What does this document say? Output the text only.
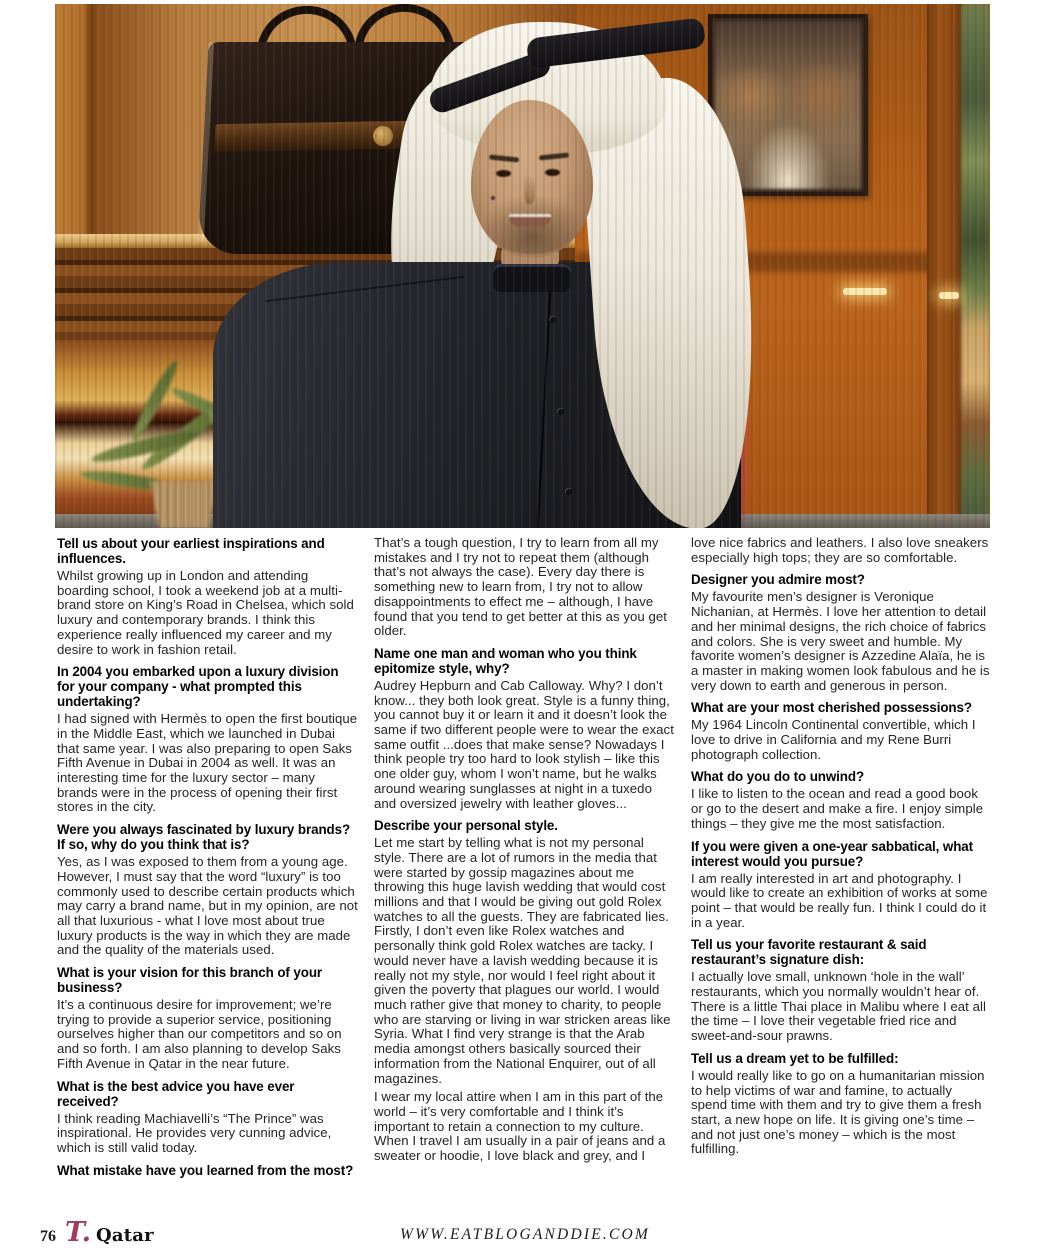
Tell us about your earliest inspirations and influences.

Whilst growing up in London and attending boarding school, I took a weekend job at a multi-brand store on King’s Road in Chelsea, which sold luxury and contemporary brands. I think this experience really influenced my career and my desire to work in fashion retail.

In 2004 you embarked upon a luxury division for your company - what prompted this undertaking?

I had signed with Hermès to open the first boutique in the Middle East, which we launched in Dubai that same year. I was also preparing to open Saks Fifth Avenue in Dubai in 2004 as well. It was an interesting time for the luxury sector – many brands were in the process of opening their first stores in the city.

Were you always fascinated by luxury brands? If so, why do you think that is?

Yes, as I was exposed to them from a young age. However, I must say that the word “luxury” is too commonly used to describe certain products which may carry a brand name, but in my opinion, are not all that luxurious - what I love most about true luxury products is the way in which they are made and the quality of the materials used.

What is your vision for this branch of your business?

It’s a continuous desire for improvement; we’re trying to provide a superior service, positioning ourselves higher than our competitors and so on and so forth. I am also planning to develop Saks Fifth Avenue in Qatar in the near future.

What is the best advice you have ever received?

I think reading Machiavelli’s “The Prince” was inspirational. He provides very cunning advice, which is still valid today.

What mistake have you learned from the most?

That’s a tough question, I try to learn from all my mistakes and I try not to repeat them (although that’s not always the case). Every day there is something new to learn from, I try not to allow disappointments to effect me – although, I have found that you tend to get better at this as you get older.

Name one man and woman who you think epitomize style, why?

Audrey Hepburn and Cab Calloway. Why? I don’t know... they both look great. Style is a funny thing, you cannot buy it or learn it and it doesn’t look the same if two different people were to wear the exact same outfit ...does that make sense? Nowadays I think people try too hard to look stylish – like this one older guy, whom I won’t name, but he walks around wearing sunglasses at night in a tuxedo and oversized jewelry with leather gloves...

Describe your personal style.

Let me start by telling what is not my personal style. There are a lot of rumors in the media that were started by gossip magazines about me throwing this huge lavish wedding that would cost millions and that I would be giving out gold Rolex watches to all the guests. They are fabricated lies. Firstly, I don’t even like Rolex watches and personally think gold Rolex watches are tacky. I would never have a lavish wedding because it is really not my style, nor would I feel right about it given the poverty that plagues our world. I would much rather give that money to charity, to people who are starving or living in war stricken areas like Syria. What I find very strange is that the Arab media amongst others basically sourced their information from the National Enquirer, out of all magazines.

I wear my local attire when I am in this part of the world – it’s very comfortable and I think it’s important to retain a connection to my culture. When I travel I am usually in a pair of jeans and a sweater or hoodie, I love black and grey, and I

love nice fabrics and leathers. I also love sneakers especially high tops; they are so comfortable.

Designer you admire most?

My favourite men’s designer is Veronique Nichanian, at Hermès. I love her attention to detail and her minimal designs, the rich choice of fabrics and colors. She is very sweet and humble. My favorite women’s designer is Azzedine Alaïa, he is a master in making women look fabulous and he is very down to earth and generous in person.

What are your most cherished possessions?

My 1964 Lincoln Continental convertible, which I love to drive in California and my Rene Burri photograph collection.

What do you do to unwind?

I like to listen to the ocean and read a good book or go to the desert and make a fire. I enjoy simple things – they give me the most satisfaction.

If you were given a one-year sabbatical, what interest would you pursue?

I am really interested in art and photography. I would like to create an exhibition of works at some point – that would be really fun. I think I could do it in a year.

Tell us your favorite restaurant & said restaurant’s signature dish:

I actually love small, unknown ‘hole in the wall’ restaurants, which you normally wouldn’t hear of. There is a little Thai place in Malibu where I eat all the time – I love their vegetable fried rice and sweet-and-sour prawns.

Tell us a dream yet to be fulfilled:

I would really like to go on a humanitarian mission to help victims of war and famine, to actually spend time with them and try to give them a fresh start, a new hope on life. It is giving one’s time – and not just one’s money – which is the most fulfilling.

76 T. Qatar	WWW.EATBLOGANDDIE.COM
